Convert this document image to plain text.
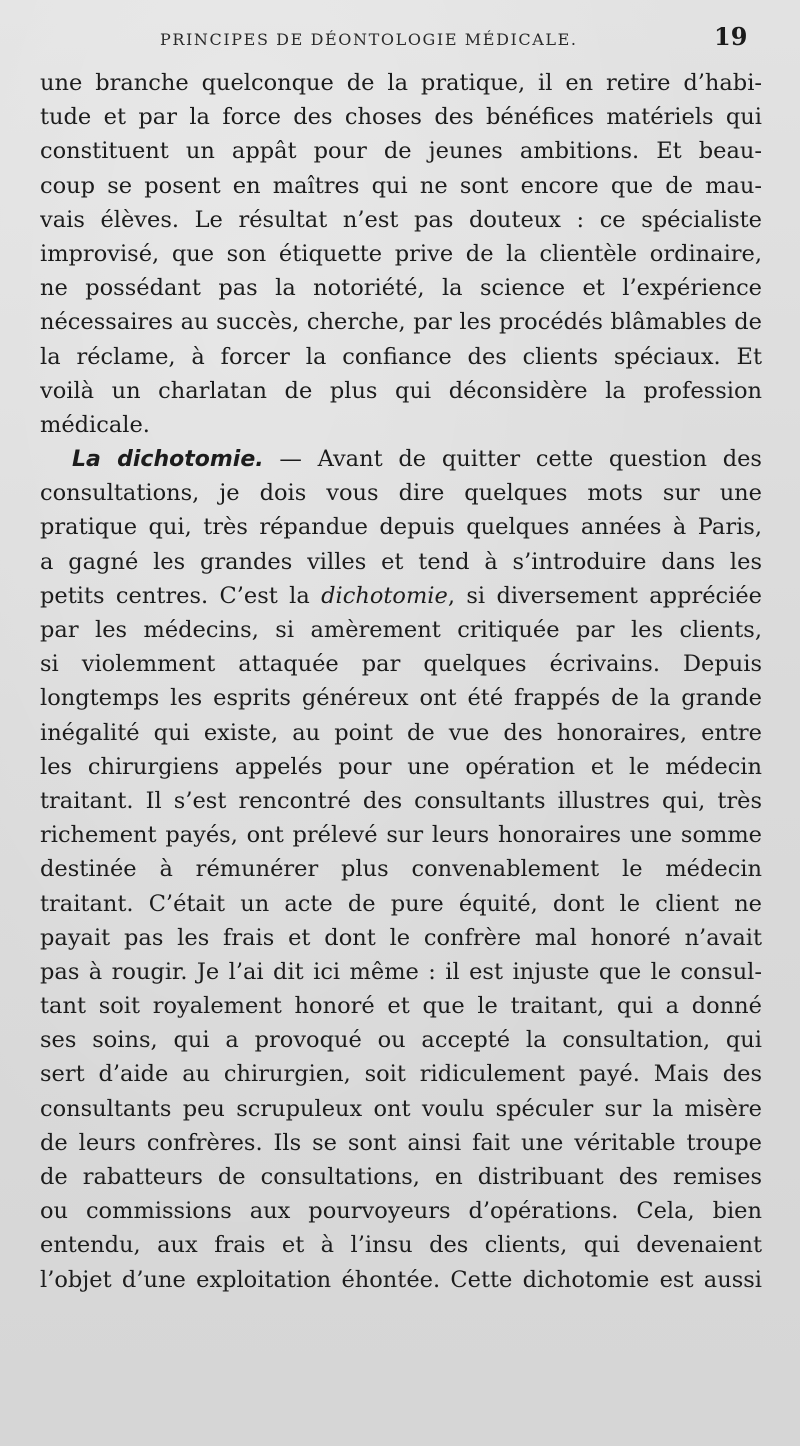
PRINCIPES DE DÉONTOLOGIE MÉDICALE.	19
une branche quelconque de la pratique, il en retire d’habi-
tude et par la force des choses des bénéfices matériels qui
constituent un appât pour de jeunes ambitions. Et beau-
coup se posent en maîtres qui ne sont encore que de mau-
vais élèves. Le résultat n’est pas douteux : ce spécialiste
improvisé, que son étiquette prive de la clientèle ordinaire,
ne possédant pas la notoriété, la science et l’expérience
nécessaires au succès, cherche, par les procédés blâmables de
la réclame, à forcer la confiance des clients spéciaux. Et
voilà un charlatan de plus qui déconsidère la profession
médicale.
La dichotomie. — Avant de quitter cette question des
consultations, je dois vous dire quelques mots sur une
pratique qui, très répandue depuis quelques années à Paris,
a gagné les grandes villes et tend à s’introduire dans les
petits centres. C’est la dichotomie, si diversement appréciée
par les médecins, si amèrement critiquée par les clients,
si violemment attaquée par quelques écrivains. Depuis
longtemps les esprits généreux ont été frappés de la grande
inégalité qui existe, au point de vue des honoraires, entre
les chirurgiens appelés pour une opération et le médecin
traitant. Il s’est rencontré des consultants illustres qui, très
richement payés, ont prélevé sur leurs honoraires une somme
destinée à rémunérer plus convenablement le médecin
traitant. C’était un acte de pure équité, dont le client ne
payait pas les frais et dont le confrère mal honoré n’avait
pas à rougir. Je l’ai dit ici même : il est injuste que le consul-
tant soit royalement honoré et que le traitant, qui a donné
ses soins, qui a provoqué ou accepté la consultation, qui
sert d’aide au chirurgien, soit ridiculement payé. Mais des
consultants peu scrupuleux ont voulu spéculer sur la misère
de leurs confrères. Ils se sont ainsi fait une véritable troupe
de rabatteurs de consultations, en distribuant des remises
ou commissions aux pourvoyeurs d’opérations. Cela, bien
entendu, aux frais et à l’insu des clients, qui devenaient
l’objet d’une exploitation éhontée. Cette dichotomie est aussi
